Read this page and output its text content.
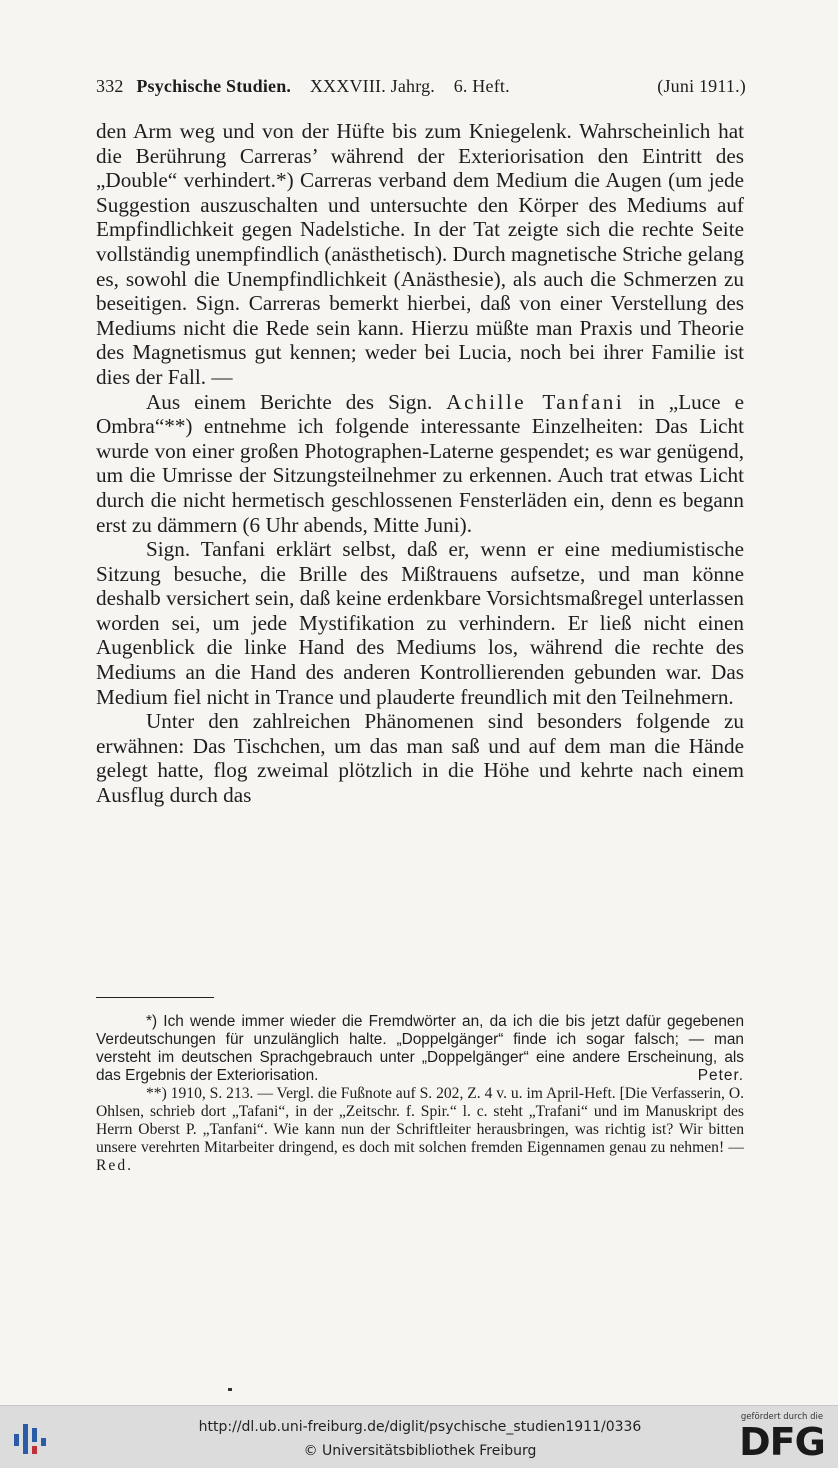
332 Psychische Studien. XXXVIII. Jahrg. 6. Heft.	(Juni 1911.)

den Arm weg und von der Hüfte bis zum Kniegelenk. Wahrscheinlich hat die Berührung Carreras’ während der Exteriorisation den Eintritt des „Double“ verhindert.*) Carreras verband dem Medium die Augen (um jede Suggestion auszuschalten und untersuchte den Körper des Mediums auf Empfindlichkeit gegen Nadelstiche. In der Tat zeigte sich die rechte Seite vollständig unempfindlich (anästhetisch). Durch magnetische Striche gelang es, sowohl die Unempfindlichkeit (Anästhesie), als auch die Schmerzen zu beseitigen. Sign. Carreras bemerkt hierbei, daß von einer Verstellung des Mediums nicht die Rede sein kann. Hierzu müßte man Praxis und Theorie des Magnetismus gut kennen; weder bei Lucia, noch bei ihrer Familie ist dies der Fall. —

Aus einem Berichte des Sign. Achille Tanfani in „Luce e Ombra“**) entnehme ich folgende interessante Einzelheiten: Das Licht wurde von einer großen Photographen-Laterne gespendet; es war genügend, um die Umrisse der Sitzungsteilnehmer zu erkennen. Auch trat etwas Licht durch die nicht hermetisch geschlossenen Fensterläden ein, denn es begann erst zu dämmern (6 Uhr abends, Mitte Juni).

Sign. Tanfani erklärt selbst, daß er, wenn er eine mediumistische Sitzung besuche, die Brille des Mißtrauens aufsetze, und man könne deshalb versichert sein, daß keine erdenkbare Vorsichtsmaßregel unterlassen worden sei, um jede Mystifikation zu verhindern. Er ließ nicht einen Augenblick die linke Hand des Mediums los, während die rechte des Mediums an die Hand des anderen Kontrollierenden gebunden war. Das Medium fiel nicht in Trance und plauderte freundlich mit den Teilnehmern.

Unter den zahlreichen Phänomenen sind besonders folgende zu erwähnen: Das Tischchen, um das man saß und auf dem man die Hände gelegt hatte, flog zweimal plötzlich in die Höhe und kehrte nach einem Ausflug durch das

*) Ich wende immer wieder die Fremdwörter an, da ich die bis jetzt dafür gegebenen Verdeutschungen für unzulänglich halte. „Doppelgänger“ finde ich sogar falsch; — man versteht im deutschen Sprachgebrauch unter „Doppelgänger“ eine andere Erscheinung, als das Ergebnis der Exteriorisation.	Peter.

**) 1910, S. 213. — Vergl. die Fußnote auf S. 202, Z. 4 v. u. im April-Heft. [Die Verfasserin, O. Ohlsen, schrieb dort „Tafani“, in der „Zeitschr. f. Spir.“ l. c. steht „Trafani“ und im Manuskript des Herrn Oberst P. „Tanfani“. Wie kann nun der Schriftleiter herausbringen, was richtig ist? Wir bitten unsere verehrten Mitarbeiter dringend, es doch mit solchen fremden Eigennamen genau zu nehmen! — Red.

http://dl.ub.uni-freiburg.de/diglit/psychische_studien1911/0336
© Universitätsbibliothek Freiburg
gefördert durch die
DFG
